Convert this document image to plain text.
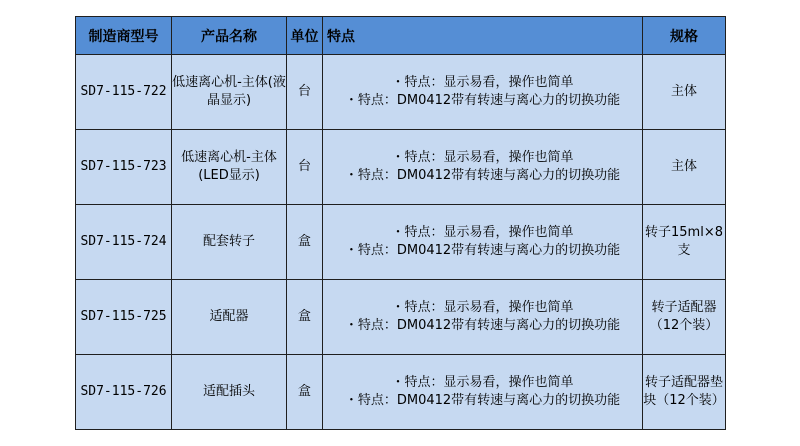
制造商型号	产品名称	单位	特点	规格
SD7-115-722	低速离心机-主体(液晶显示)	台	・特点：显示易看，操作也简单
・特点：DM0412带有转速与离心力的切换功能	主体
SD7-115-723	低速离心机-主体(LED显示)	台	・特点：显示易看，操作也简单
・特点：DM0412带有转速与离心力的切换功能	主体
SD7-115-724	配套转子	盒	・特点：显示易看，操作也简单
・特点：DM0412带有转速与离心力的切换功能	转子15ml×8支
SD7-115-725	适配器	盒	・特点：显示易看，操作也简单
・特点：DM0412带有转速与离心力的切换功能	转子适配器（12个装）
SD7-115-726	适配插头	盒	・特点：显示易看，操作也简单
・特点：DM0412带有转速与离心力的切换功能	转子适配器垫块（12个装）
